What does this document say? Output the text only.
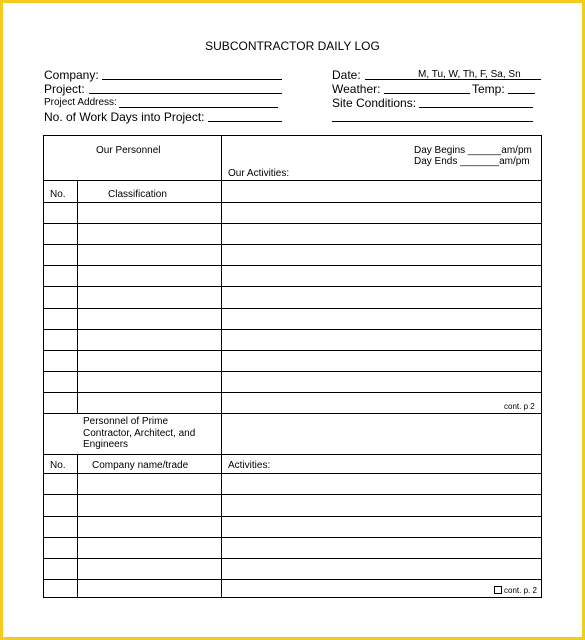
SUBCONTRACTOR DAILY LOG
Company:
Project:
Project Address:
No. of Work Days into Project:
Date:	M, Tu, W, Th, F, Sa, Sn
Weather:	Temp:
Site Conditions:
Our Personnel	Day Begins ______am/pm
Day Ends _______am/pm
Our Activities:
No.	Classification
cont. p 2
Personnel of Prime
Contractor, Architect, and
Engineers
No.	Company name/trade	Activities:
cont. p. 2
